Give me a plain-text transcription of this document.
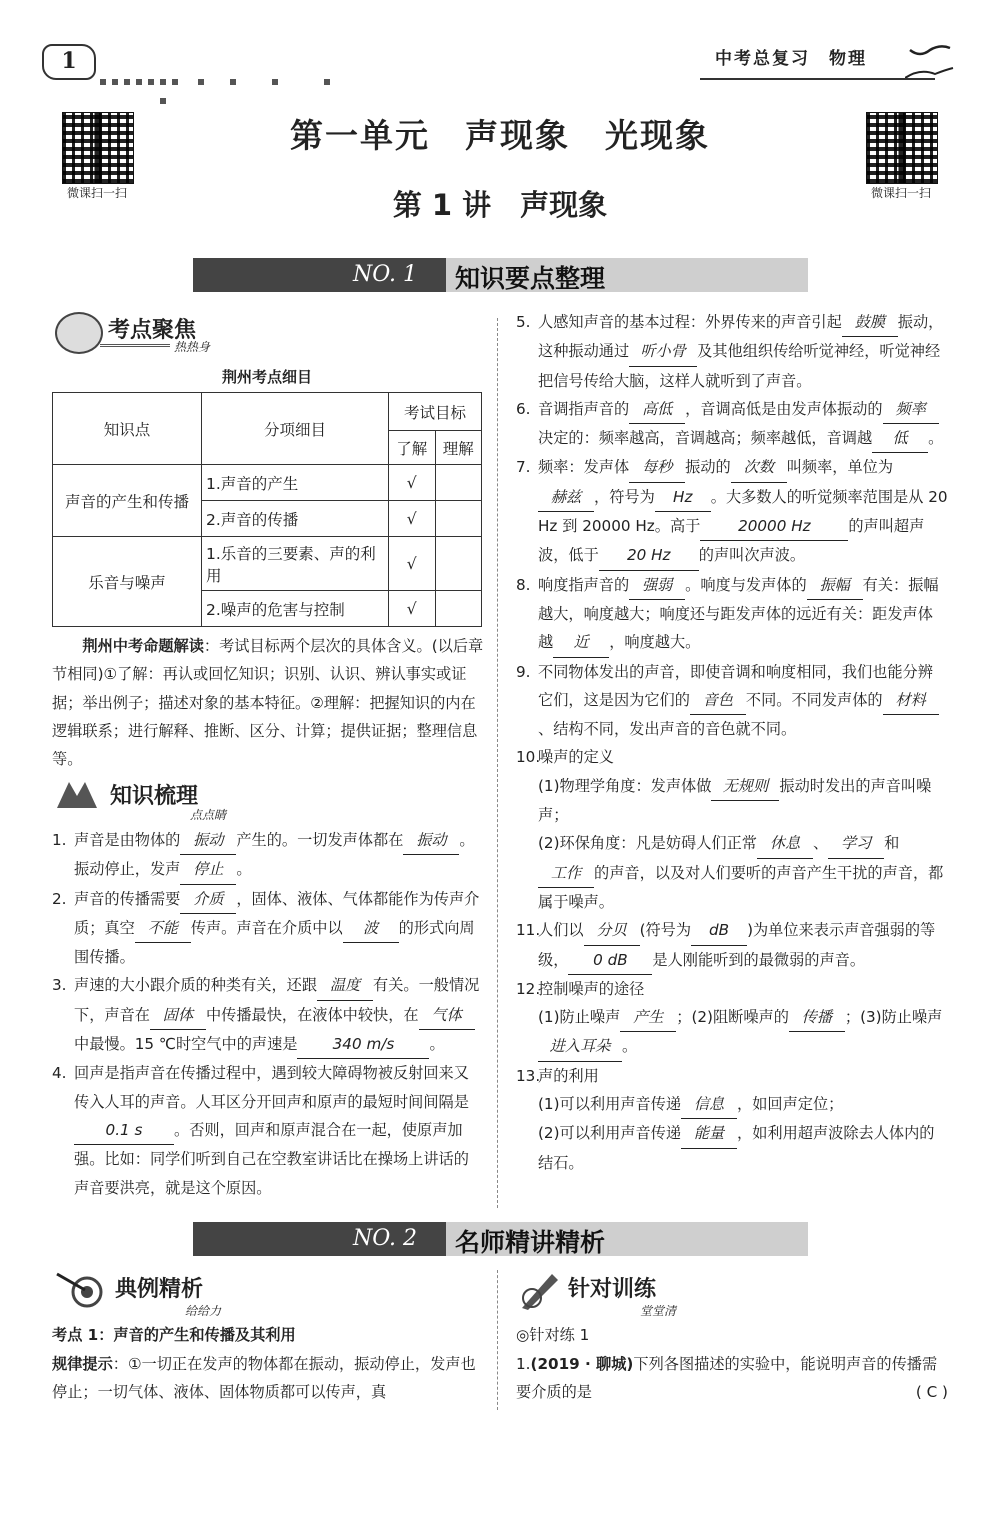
1	中考总复习　物理
微课扫一扫	微课扫一扫
第一单元　声现象　光现象
第 1 讲　声现象
NO. 1 知识要点整理
考点聚焦
热热身
荆州考点细目
知识点	分项细目	考试目标	
		了解	理解
声音的产生和传播	1.声音的产生	√	
	2.声音的传播	√	
乐音与噪声	1.乐音的三要素、声的利用	√	
	2.噪声的危害与控制	√	
荆州中考命题解读：考试目标两个层次的具体含义。(以后章节相同)①了解：再认或回忆知识；识别、认识、辨认事实或证据；举出例子；描述对象的基本特征。②理解：把握知识的内在逻辑联系；进行解释、推断、区分、计算；提供证据；整理信息等。
知识梳理
点点睛
1. 声音是由物体的 振动 产生的。一切发声体都在 振动 。振动停止，发声 停止 。
2. 声音的传播需要 介质 ，固体、液体、气体都能作为传声介质；真空 不能 传声。声音在介质中以 波 的形式向周围传播。
3. 声速的大小跟介质的种类有关，还跟 温度 有关。一般情况下，声音在 固体 中传播最快，在液体中较快，在 气体中最慢。15 ℃时空气中的声速是 340 m/s 。
4. 回声是指声音在传播过程中，遇到较大障碍物被反射回来又传入人耳的声音。人耳区分开回声和原声的最短时间间隔是0.1 s 。否则，回声和原声混合在一起，使原声加强。比如：同学们听到自己在空教室讲话比在操场上讲话的声音要洪亮，就是这个原因。
5. 人感知声音的基本过程：外界传来的声音引起 鼓膜 振动，这种振动通过 听小骨 及其他组织传给听觉神经，听觉神经把信号传给大脑，这样人就听到了声音。
6. 音调指声音的 高低 ，音调高低是由发声体振动的 频率决定的：频率越高，音调越高；频率越低，音调越 低 。
7. 频率：发声体 每秒 振动的 次数 叫频率，单位为赫兹 ，符号为 Hz 。大多数人的听觉频率范围是从 20 Hz 到 20000 Hz。高于 20000 Hz 的声叫超声波，低于 20 Hz 的声叫次声波。
8. 响度指声音的 强弱 。响度与发声体的 振幅 有关：振幅越大，响度越大；响度还与距发声体的远近有关：距发声体越 近 ，响度越大。
9. 不同物体发出的声音，即使音调和响度相同，我们也能分辨它们，这是因为它们的 音色 不同。不同发声体的 材料、结构不同，发出声音的音色就不同。
10.
噪声的定义
(1)物理学角度：发声体做 无规则 振动时发出的声音叫噪声；
(2)环保角度：凡是妨碍人们正常 休息 、 学习 和工作 的声音，以及对人们要听的声音产生干扰的声音，都属于噪声。
11.
人们以 分贝 (符号为 dB )为单位来表示声音强弱的等级， 0 dB 是人刚能听到的最微弱的声音。
12.
控制噪声的途径
(1)防止噪声 产生 ；(2)阻断噪声的 传播 ；(3)防止噪声进入耳朵 。
13.
声的利用
(1)可以利用声音传递 信息 ，如回声定位；
(2)可以利用声音传递 能量 ，如利用超声波除去人体内的结石。
NO. 2 名师精讲精析
典例精析
给给力
考点 1：声音的产生和传播及其利用
规律提示：①一切正在发声的物体都在振动，振动停止，发声也停止；一切气体、液体、固体物质都可以传声，真
针对训练
堂堂清
◎针对练 1
1.(2019 · 聊城)下列各图描述的实验中，能说明声音的传播需要介质的是	( C )
